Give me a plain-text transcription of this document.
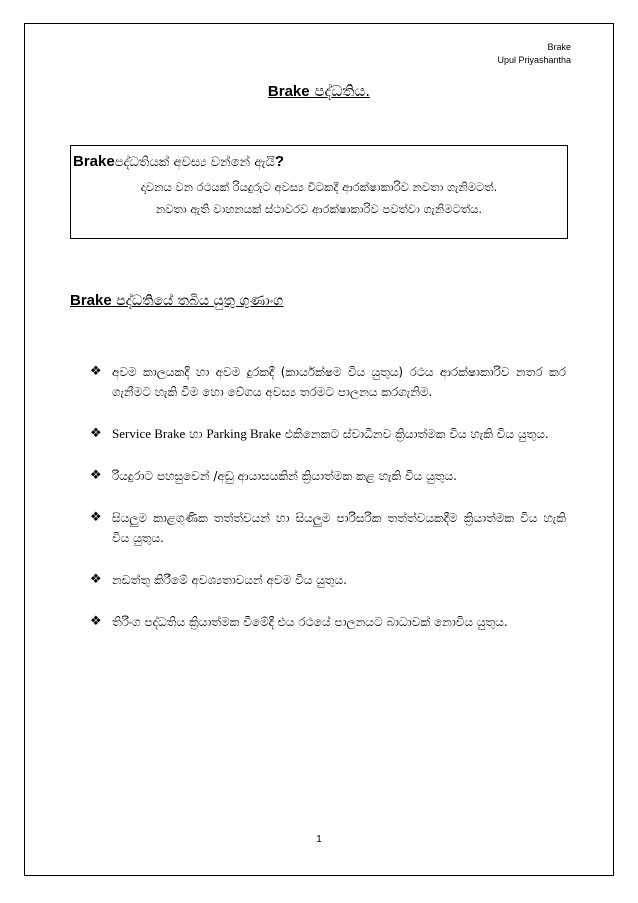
Brake
Upul Priyashantha
Brake පද්ධතිය.

Brakeපද්ධතියක් අවස්‍ය වන්නේ ඇයි?

දාවනය වන රථයක් රියදුරුට අවස්‍ය විටකදී ආරක්ෂාකාරිව නවතා ගැනිමටත්.
නවතා ඇති වාහනයක් ස්ථාවරව ආරක්ෂාකාරිව පවත්වා ගැනිමටත්ය.

Brake පද්ධතියේ තබිය යුතු ගුණාංග
❖ අවම කාලයකදී හා අවම දුරකදී (කාර්යක්ෂම විය යුතුය) රථය ආරක්ෂාකාරිව නතර කර ගැනීමට හැකි වීම හො වේගය අවස්‍ය තරමට පාලනය කරගැනිම.
❖ Service Brake හා Parking Brake එකිනෙකට ස්වාධීනව ක්‍රියාත්මක විය හැකි විය යුතුය.
❖ රියදුරාට පහසුවෙන් /අඩු ආයාසයකින් ක්‍රියාත්මක කළ හැකි විය යුතුය.
❖ සියලුම කාළගුණික තත්ත්වයන් හා සියලුම පාරිසරික තත්ත්වයකදීම ක්‍රියාත්මක විය හැකි විය යුතුය.
❖ නඩත්තු කිරීමේ අවශ්‍යතාවයන් අවම විය යුතුය.
❖ තිරිංග පද්ධතිය ක්‍රියාත්මක වීමේදී එය රථයේ පාලනයට බාධාවක් නොවිය යුතුය.
1
